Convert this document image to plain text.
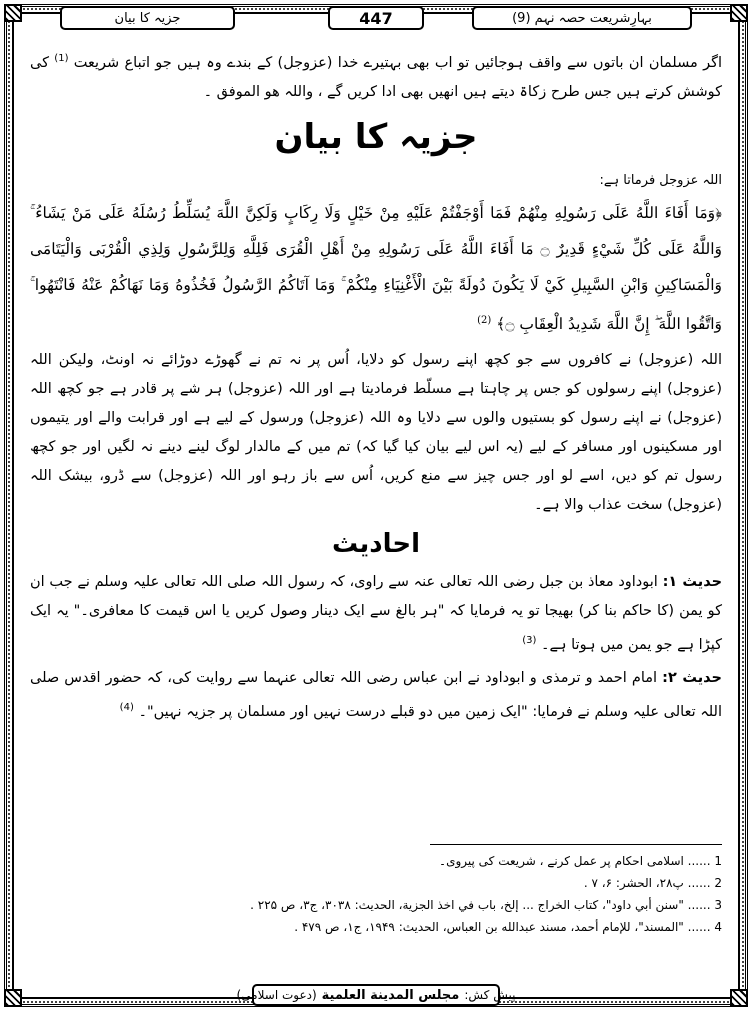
بہارِشریعت حصہ نہم (9)
447
جزیہ کا بیان

اگر مسلمان ان باتوں سے واقف ہوجائیں تو اب بھی بہتیرے خدا (عزوجل) کے بندے وہ ہیں جو اتباع شریعت $^{(1)}$ کی کوشش کرتے ہیں جس طرح زکاۃ دیتے ہیں انھیں بھی ادا کریں گے ، واللہ ھو الموفق ۔

جزیہ کا بیان

اللہ عزوجل فرماتا ہے:

﴿وَمَا أَفَاءَ اللَّهُ عَلَى رَسُولِهِ مِنْهُمْ فَمَا أَوْجَفْتُمْ عَلَيْهِ مِنْ خَيْلٍ وَلَا رِكَابٍ وَلَكِنَّ اللَّهَ يُسَلِّطُ رُسُلَهُ عَلَى مَنْ يَشَاءُ ۚ وَاللَّهُ عَلَى كُلِّ شَيْءٍ قَدِيرٌ ۝ مَا أَفَاءَ اللَّهُ عَلَى رَسُولِهِ مِنْ أَهْلِ الْقُرَى فَلِلَّهِ وَلِلرَّسُولِ وَلِذِي الْقُرْبَى وَالْيَتَامَى وَالْمَسَاكِينِ وَابْنِ السَّبِيلِ كَيْ لَا يَكُونَ دُولَةً بَيْنَ الْأَغْنِيَاءِ مِنْكُمْ ۚ وَمَا آتَاكُمُ الرَّسُولُ فَخُذُوهُ وَمَا نَهَاكُمْ عَنْهُ فَانْتَهُوا ۚ وَاتَّقُوا اللَّهَ ۖ إِنَّ اللَّهَ شَدِيدُ الْعِقَابِ ۝﴾ $^{(2)}$

اللہ (عزوجل) نے کافروں سے جو کچھ اپنے رسول کو دلایا، اُس پر نہ تم نے گھوڑے دوڑائے نہ اونٹ، ولیکن اللہ (عزوجل) اپنے رسولوں کو جس پر چاہتا ہے مسلّط فرمادیتا ہے اور اللہ (عزوجل) ہر شے پر قادر ہے جو کچھ اللہ (عزوجل) نے اپنے رسول کو بستیوں والوں سے دلایا وہ اللہ (عزوجل) ورسول کے لیے ہے اور قرابت والے اور یتیموں اور مسکینوں اور مسافر کے لیے (یہ اس لیے بیان کیا گیا کہ) تم میں کے مالدار لوگ لینے دینے نہ لگیں اور جو کچھ رسول تم کو دیں، اسے لو اور جس چیز سے منع کریں، اُس سے باز رہو اور اللہ (عزوجل) سے ڈرو، بیشک اللہ (عزوجل) سخت عذاب والا ہے۔

احادیث

حدیث ۱: ابوداود معاذ بن جبل رضی اللہ تعالی عنہ سے راوی، کہ رسول اللہ صلی اللہ تعالی علیہ وسلم نے جب ان کو یمن (کا حاکم بنا کر) بھیجا تو یہ فرمایا کہ "ہر بالغ سے ایک دینار وصول کریں یا اس قیمت کا معافری۔" یہ ایک کپڑا ہے جو یمن میں ہوتا ہے۔ $^{(3)}$

حدیث ۲: امام احمد و ترمذی و ابوداود نے ابن عباس رضی اللہ تعالی عنہما سے روایت کی، کہ حضور اقدس صلی اللہ تعالی علیہ وسلم نے فرمایا: "ایک زمین میں دو قبلے درست نہیں اور مسلمان پر جزیہ نہیں"۔ $^{(4)}$

1 ...... اسلامی احکام پر عمل کرنے ، شریعت کی پیروی۔
2 ...... پ۲۸، الحشر: ۶، ۷ .
3 ...... "سنن أبي داود"، كتاب الخراج ... إلخ، باب في اخذ الجزية، الحديث: ۳۰۳۸، ج۳، ص ۲۲۵ .
4 ...... "المسند"، للإمام أحمد، مسند عبدالله بن العباس، الحديث: ۱۹۴۹، ج۱، ص ۴۷۹ .
پیش کش:
مجلس المدينة العلمية
(دعوت اسلامی)
